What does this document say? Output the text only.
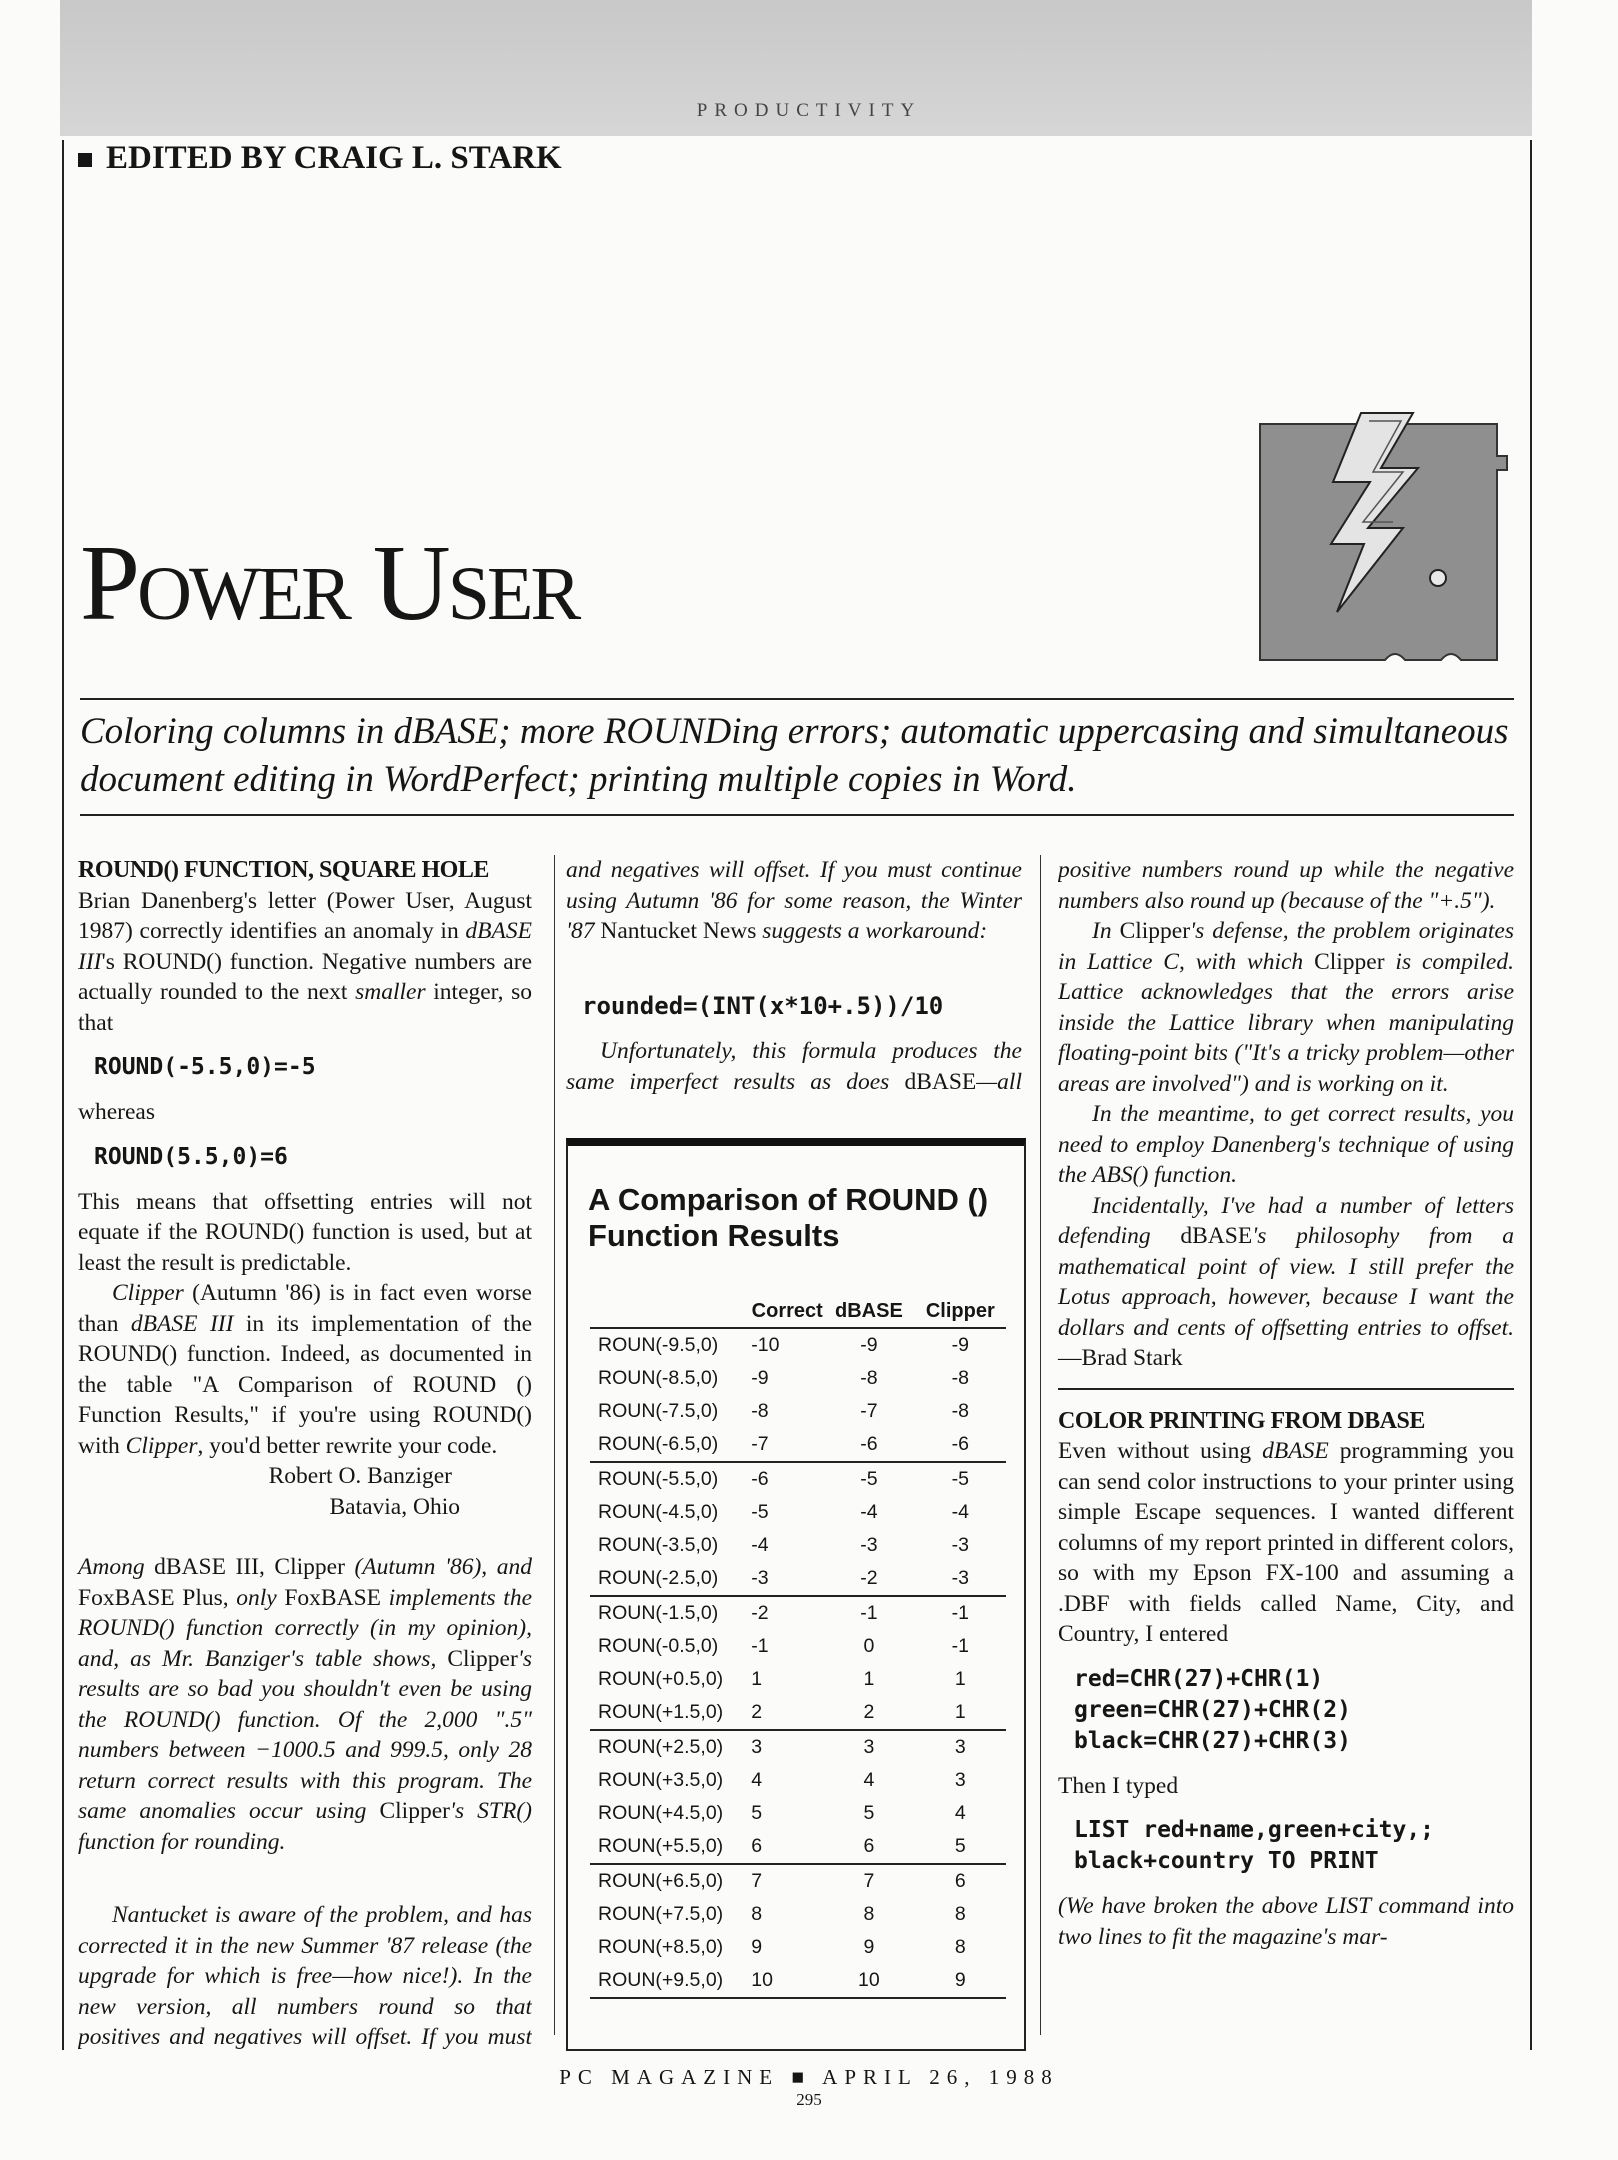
PRODUCTIVITY
EDITED BY CRAIG L. STARK
Power User
Coloring columns in dBASE; more ROUNDing errors; automatic uppercasing and simultaneous document editing in WordPerfect; printing multiple copies in Word.
ROUND() FUNCTION, SQUARE HOLE

Brian Danenberg's letter (Power User, August 1987) correctly identifies an anomaly in dBASE III's ROUND() function. Negative numbers are actually rounded to the next smaller integer, so that

ROUND(-5.5,0)=-5

whereas

ROUND(5.5,0)=6

This means that offsetting entries will not equate if the ROUND() function is used, but at least the result is predictable.

Clipper (Autumn '86) is in fact even worse than dBASE III in its implementation of the ROUND() function. Indeed, as documented in the table "A Comparison of ROUND () Function Results," if you're using ROUND() with Clipper, you'd better rewrite your code.

Robert O. Banziger

Batavia, Ohio

Among dBASE III, Clipper (Autumn '86), and FoxBASE Plus, only FoxBASE implements the ROUND() function correctly (in my opinion), and, as Mr. Banziger's table shows, Clipper's results are so bad you shouldn't even be using the ROUND() function. Of the 2,000 ".5" numbers between −1000.5 and 999.5, only 28 return correct results with this program. The same anomalies occur using Clipper's STR() function for rounding.

Nantucket is aware of the problem, and has corrected it in the new Summer '87 release (the upgrade for which is free—how nice!). In the new version, all numbers round so that positives and negatives will offset. If you must

and negatives will offset. If you must continue using Autumn '86 for some reason, the Winter '87 Nantucket News suggests a workaround:

rounded=(INT(x*10+.5))/10

Unfortunately, this formula produces the same imperfect results as does dBASE—all

A Comparison of ROUND () Function Results
	Correct	dBASE	Clipper
ROUN(-9.5,0)	-10	-9	-9
ROUN(-8.5,0)	-9	-8	-8
ROUN(-7.5,0)	-8	-7	-8
ROUN(-6.5,0)	-7	-6	-6
ROUN(-5.5,0)	-6	-5	-5
ROUN(-4.5,0)	-5	-4	-4
ROUN(-3.5,0)	-4	-3	-3
ROUN(-2.5,0)	-3	-2	-3
ROUN(-1.5,0)	-2	-1	-1
ROUN(-0.5,0)	-1	0	-1
ROUN(+0.5,0)	1	1	1
ROUN(+1.5,0)	2	2	1
ROUN(+2.5,0)	3	3	3
ROUN(+3.5,0)	4	4	3
ROUN(+4.5,0)	5	5	4
ROUN(+5.5,0)	6	6	5
ROUN(+6.5,0)	7	7	6
ROUN(+7.5,0)	8	8	8
ROUN(+8.5,0)	9	9	8
ROUN(+9.5,0)	10	10	9

positive numbers round up while the negative numbers also round up (because of the "+.5").

In Clipper's defense, the problem originates in Lattice C, with which Clipper is compiled. Lattice acknowledges that the errors arise inside the Lattice library when manipulating floating-point bits ("It's a tricky problem—other areas are involved") and is working on it.

In the meantime, to get correct results, you need to employ Danenberg's technique of using the ABS() function.

Incidentally, I've had a number of letters defending dBASE's philosophy from a mathematical point of view. I still prefer the Lotus approach, however, because I want the dollars and cents of offsetting entries to offset.—Brad Stark

COLOR PRINTING FROM DBASE

Even without using dBASE programming you can send color instructions to your printer using simple Escape sequences. I wanted different columns of my report printed in different colors, so with my Epson FX-100 and assuming a .DBF with fields called Name, City, and Country, I entered

red=CHR(27)+CHR(1)
green=CHR(27)+CHR(2)
black=CHR(27)+CHR(3)

Then I typed

LIST red+name,green+city,;
black+country TO PRINT

(We have broken the above LIST command into two lines to fit the magazine's mar-

PC MAGAZINE ■ APRIL 26, 1988
295
